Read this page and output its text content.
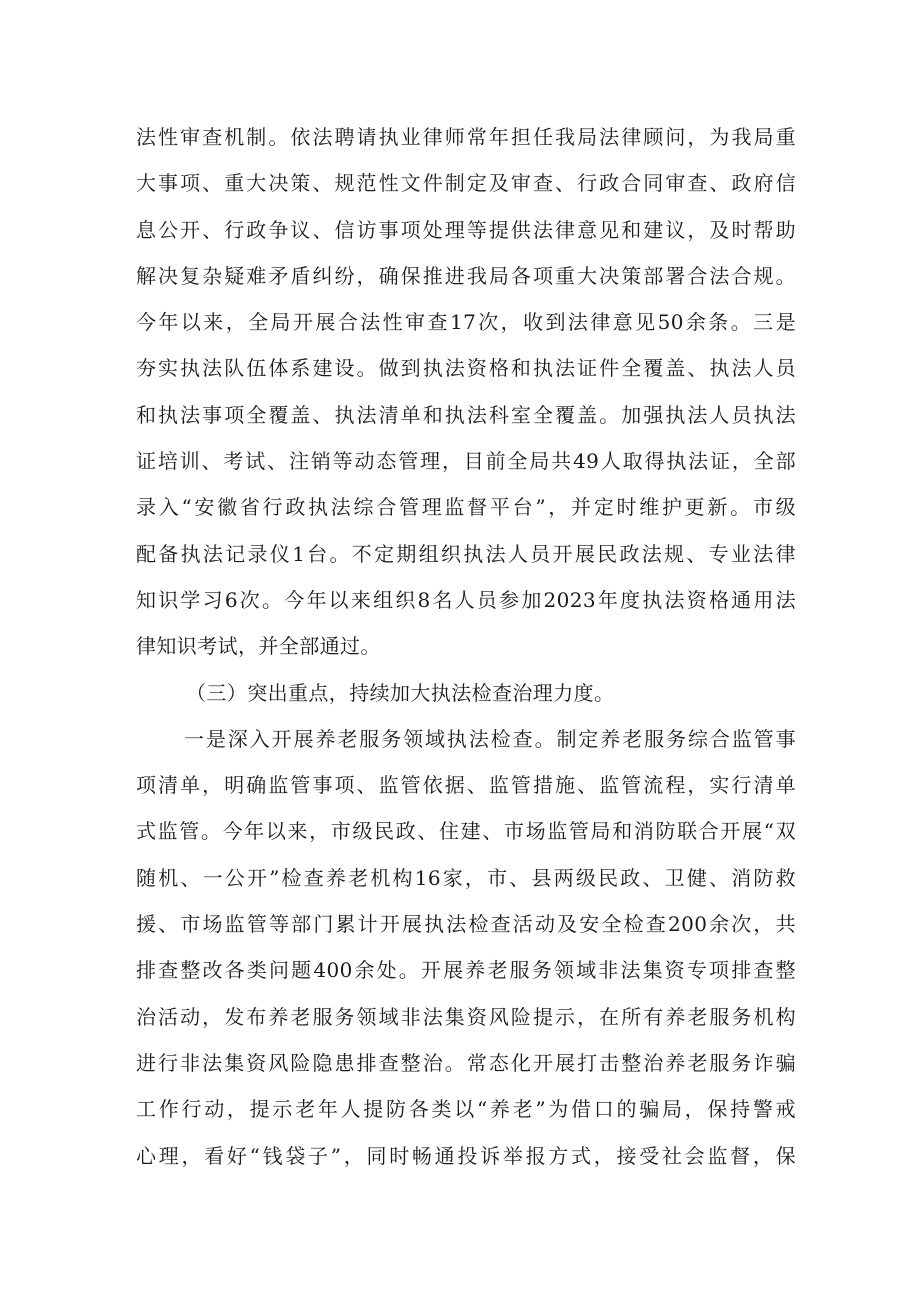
法性审查机制。依法聘请执业律师常年担任我局法律顾问，为我局重
大事项、重大决策、规范性文件制定及审查、行政合同审查、政府信
息公开、行政争议、信访事项处理等提供法律意见和建议，及时帮助
解决复杂疑难矛盾纠纷，确保推进我局各项重大决策部署合法合规。
今年以来，全局开展合法性审查17次，收到法律意见50余条。三是
夯实执法队伍体系建设。做到执法资格和执法证件全覆盖、执法人员
和执法事项全覆盖、执法清单和执法科室全覆盖。加强执法人员执法
证培训、考试、注销等动态管理，目前全局共49人取得执法证，全部
录入“安徽省行政执法综合管理监督平台”，并定时维护更新。市级
配备执法记录仪1台。不定期组织执法人员开展民政法规、专业法律
知识学习6次。今年以来组织8名人员参加2023年度执法资格通用法
律知识考试，并全部通过。
（三）突出重点，持续加大执法检查治理力度。
一是深入开展养老服务领域执法检查。制定养老服务综合监管事
项清单，明确监管事项、监管依据、监管措施、监管流程，实行清单
式监管。今年以来，市级民政、住建、市场监管局和消防联合开展“双
随机、一公开”检查养老机构16家，市、县两级民政、卫健、消防救
援、市场监管等部门累计开展执法检查活动及安全检查200余次，共
排查整改各类问题400余处。开展养老服务领域非法集资专项排查整
治活动，发布养老服务领域非法集资风险提示，在所有养老服务机构
进行非法集资风险隐患排查整治。常态化开展打击整治养老服务诈骗
工作行动，提示老年人提防各类以“养老”为借口的骗局，保持警戒
心理，看好“钱袋子”，同时畅通投诉举报方式，接受社会监督，保
